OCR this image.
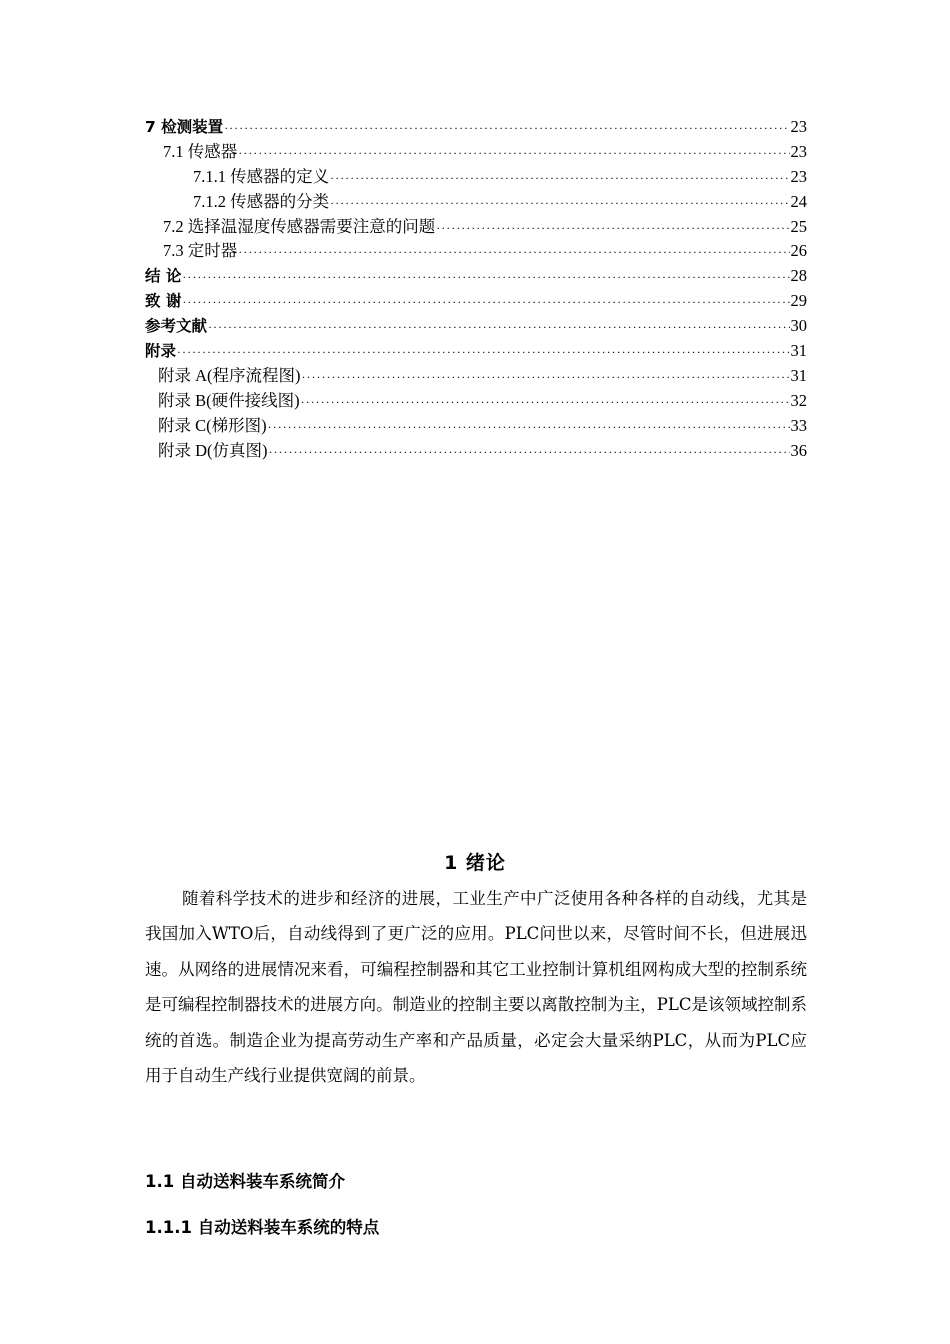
7 检测装置 ·····	23
7.1 传感器 ·····	23
7.1.1 传感器的定义 ·····	23
7.1.2 传感器的分类 ·····	24
7.2 选择温湿度传感器需要注意的问题 ·····	25
7.3 定时器 ·····	26
结 论 ·····	28
致 谢 ·····	29
参考文献 ·····	30
附录 ·····	31
附录 A(程序流程图) ·····	31
附录 B(硬件接线图) ·····	32
附录 C(梯形图) ·····	33
附录 D(仿真图) ·····	36
1 绪论

随着科学技术的进步和经济的进展，工业生产中广泛使用各种各样的自动线，尤其是我国加入WTO后，自动线得到了更广泛的应用。PLC问世以来，尽管时间不长，但进展迅速。从网络的进展情况来看，可编程控制器和其它工业控制计算机组网构成大型的控制系统是可编程控制器技术的进展方向。制造业的控制主要以离散控制为主，PLC是该领域控制系统的首选。制造企业为提高劳动生产率和产品质量，必定会大量采纳PLC，从而为PLC应用于自动生产线行业提供宽阔的前景。

1.1 自动送料装车系统简介
1.1.1 自动送料装车系统的特点
